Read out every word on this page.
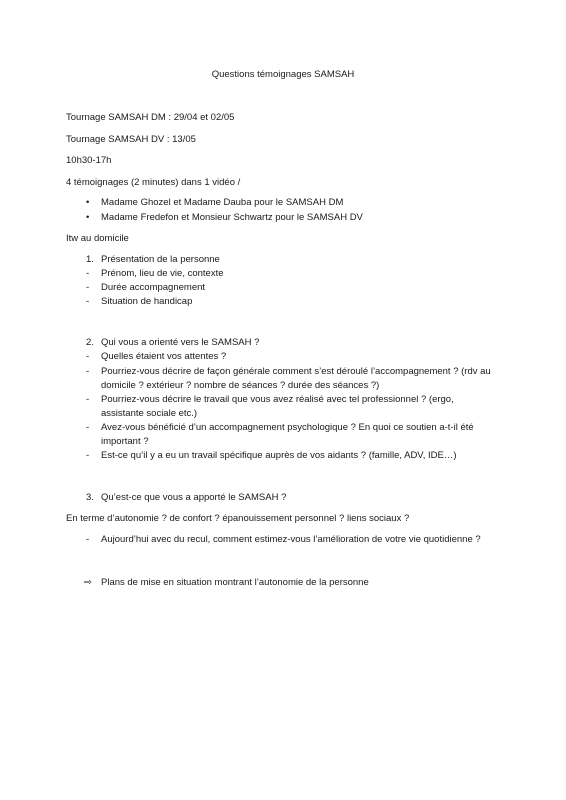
Questions témoignages SAMSAH
Tournage SAMSAH DM : 29/04 et 02/05
Tournage SAMSAH DV : 13/05
10h30-17h
4 témoignages (2 minutes) dans 1 vidéo /
• Madame Ghozel et Madame Dauba pour le SAMSAH DM
• Madame Fredefon et Monsieur Schwartz pour le SAMSAH DV
Itw au domicile
1. Présentation de la personne
- Prénom, lieu de vie, contexte
- Durée accompagnement
- Situation de handicap
2. Qui vous a orienté vers le SAMSAH ?
- Quelles étaient vos attentes ?
- Pourriez-vous décrire de façon générale comment s’est déroulé l’accompagnement ? (rdv au
domicile ? extérieur ? nombre de séances ? durée des séances ?)
- Pourriez-vous décrire le travail que vous avez réalisé avec tel professionnel ? (ergo,
assistante sociale etc.)
- Avez-vous bénéficié d’un accompagnement psychologique ? En quoi ce soutien a-t-il été
important ?
- Est-ce qu’il y a eu un travail spécifique auprès de vos aidants ? (famille, ADV, IDE…)
3. Qu’est-ce que vous a apporté le SAMSAH ?
En terme d’autonomie ? de confort ? épanouissement personnel ? liens sociaux ?
- Aujourd’hui avec du recul, comment estimez-vous l’amélioration de votre vie quotidienne ?
⇨ Plans de mise en situation montrant l’autonomie de la personne
